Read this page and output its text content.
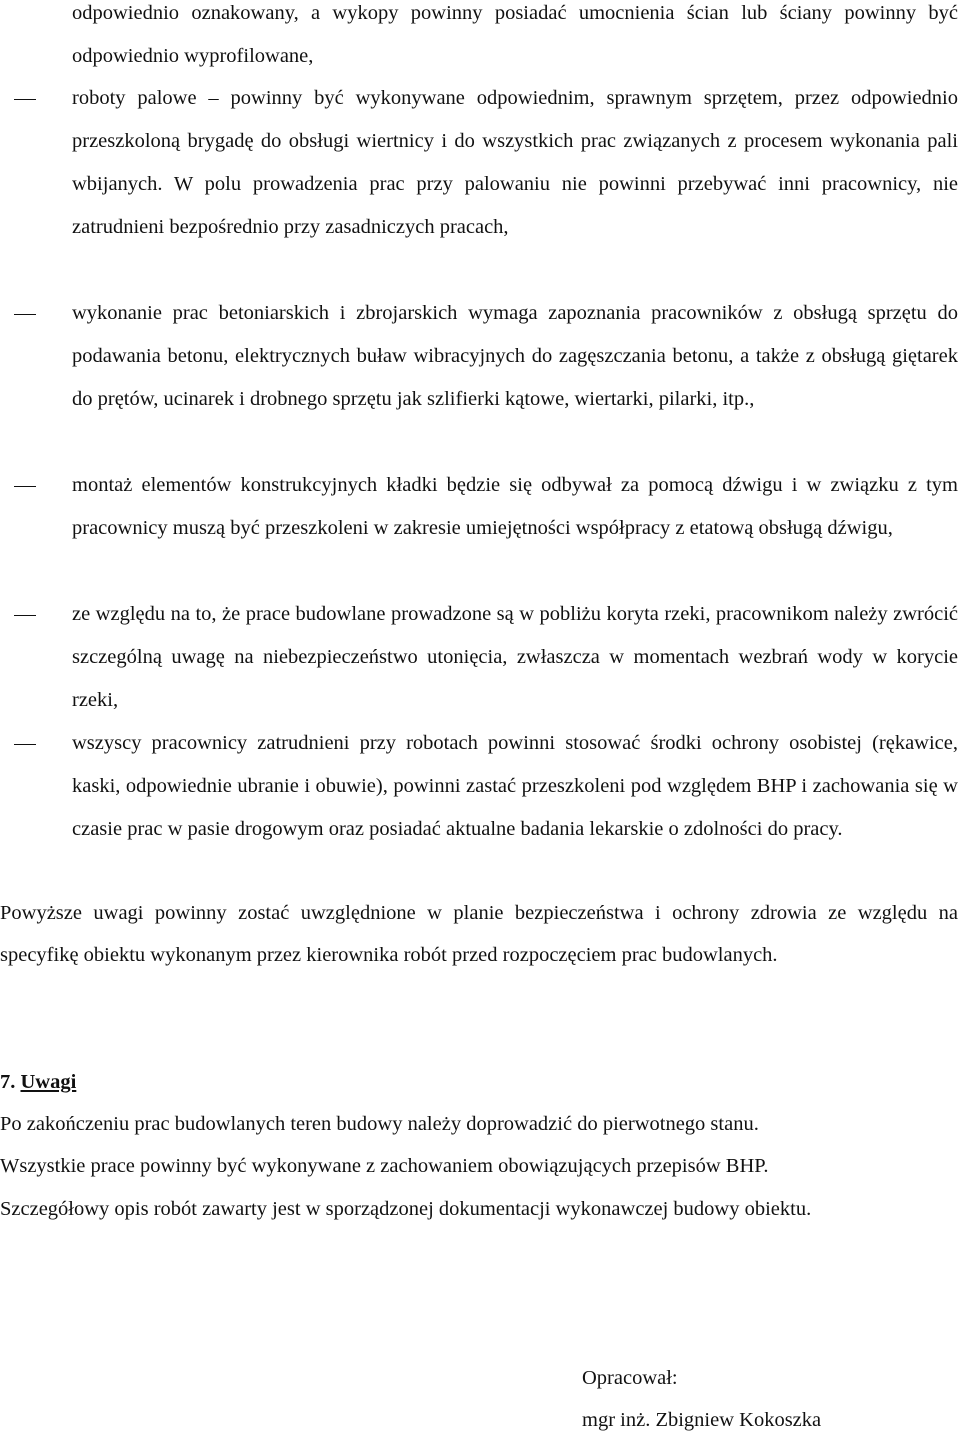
odpowiednio oznakowany, a wykopy powinny posiadać umocnienia ścian lub ściany powinny być odpowiednio wyprofilowane,
roboty palowe – powinny być wykonywane odpowiednim, sprawnym sprzętem, przez odpowiednio przeszkoloną brygadę do obsługi wiertnicy i do wszystkich prac związanych z procesem wykonania pali wbijanych. W polu prowadzenia prac przy palowaniu nie powinni przebywać inni pracownicy, nie zatrudnieni bezpośrednio przy zasadniczych pracach,
wykonanie prac betoniarskich i zbrojarskich wymaga zapoznania pracowników z obsługą sprzętu do podawania betonu, elektrycznych buław wibracyjnych do zagęszczania betonu, a także z obsługą giętarek do prętów, ucinarek i drobnego sprzętu jak szlifierki kątowe, wiertarki, pilarki, itp.,
montaż elementów konstrukcyjnych kładki będzie się odbywał za pomocą dźwigu i w związku z tym pracownicy muszą być przeszkoleni w zakresie umiejętności współpracy z etatową obsługą dźwigu,
ze względu na to, że prace budowlane prowadzone są w pobliżu koryta rzeki, pracownikom należy zwrócić szczególną uwagę na niebezpieczeństwo utonięcia, zwłaszcza w momentach wezbrań wody w korycie rzeki,
wszyscy pracownicy zatrudnieni przy robotach powinni stosować środki ochrony osobistej (rękawice, kaski, odpowiednie ubranie i obuwie), powinni zastać przeszkoleni pod względem BHP i zachowania się w czasie prac w pasie drogowym oraz posiadać aktualne badania lekarskie o zdolności do pracy.
Powyższe uwagi powinny zostać uwzględnione w planie bezpieczeństwa i ochrony zdrowia ze względu na specyfikę obiektu wykonanym przez kierownika robót przed rozpoczęciem prac budowlanych.
7. Uwagi
Po zakończeniu prac budowlanych teren budowy należy doprowadzić do pierwotnego stanu.
Wszystkie prace powinny być wykonywane z zachowaniem obowiązujących przepisów BHP.
Szczegółowy opis robót zawarty jest w sporządzonej dokumentacji wykonawczej budowy obiektu.
Opracował:
mgr inż. Zbigniew Kokoszka
